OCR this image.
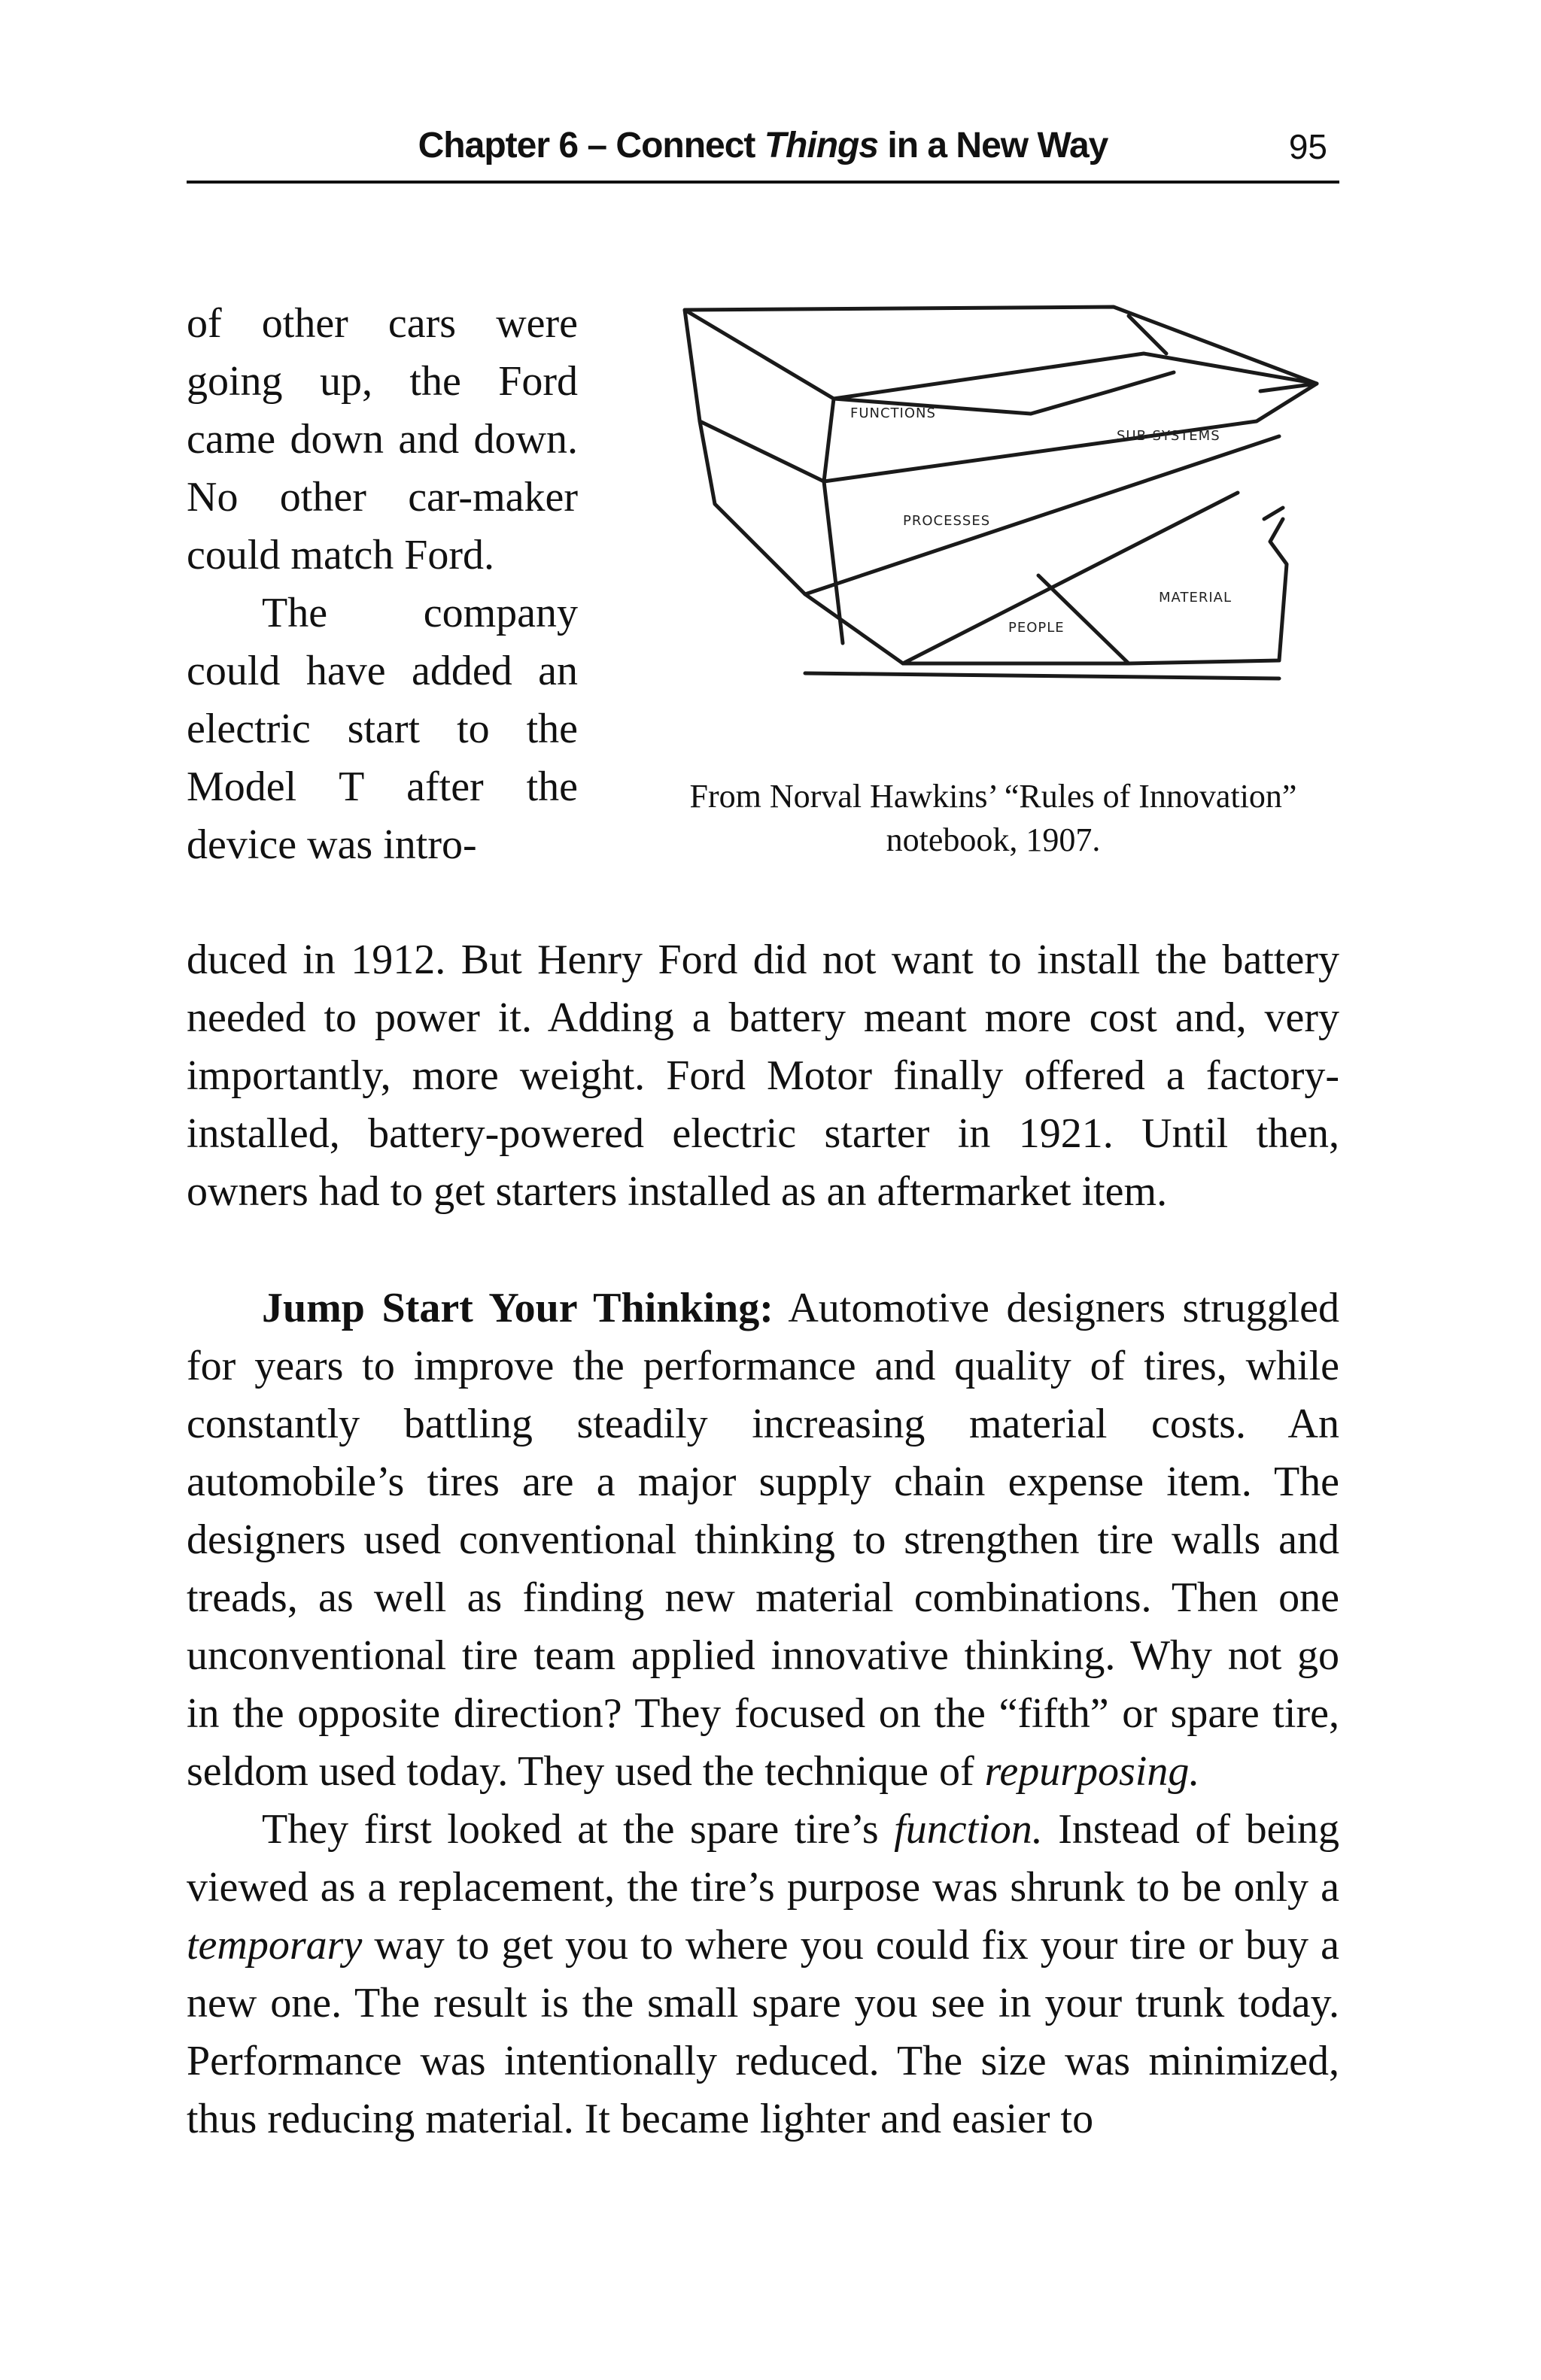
Chapter 6 – Connect Things in a New Way	95

of other cars were going up, the Ford came down and down. No other car-maker could match Ford.

The company could have added an electric start to the Model T after the device was intro-

FUNCTIONS
SUB-SYSTEMS
PROCESSES
MATERIAL
PEOPLE
From Norval Hawkins’ “Rules of Innovation” notebook, 1907.

duced in 1912. But Henry Ford did not want to install the battery needed to power it. Adding a battery meant more cost and, very importantly, more weight. Ford Motor finally offered a factory-installed, battery-powered electric starter in 1921. Until then, owners had to get starters installed as an aftermarket item.

Jump Start Your Thinking: Automotive designers struggled for years to improve the performance and quality of tires, while constantly battling steadily increasing material costs. An automobile’s tires are a major supply chain expense item. The designers used conventional thinking to strengthen tire walls and treads, as well as finding new material combinations. Then one unconventional tire team applied innovative thinking. Why not go in the opposite direction? They focused on the “fifth” or spare tire, seldom used today. They used the technique of repurposing.

They first looked at the spare tire’s function. Instead of being viewed as a replacement, the tire’s purpose was shrunk to be only a temporary way to get you to where you could fix your tire or buy a new one. The result is the small spare you see in your trunk today. Performance was intentionally reduced. The size was minimized, thus reducing material. It became lighter and easier to
